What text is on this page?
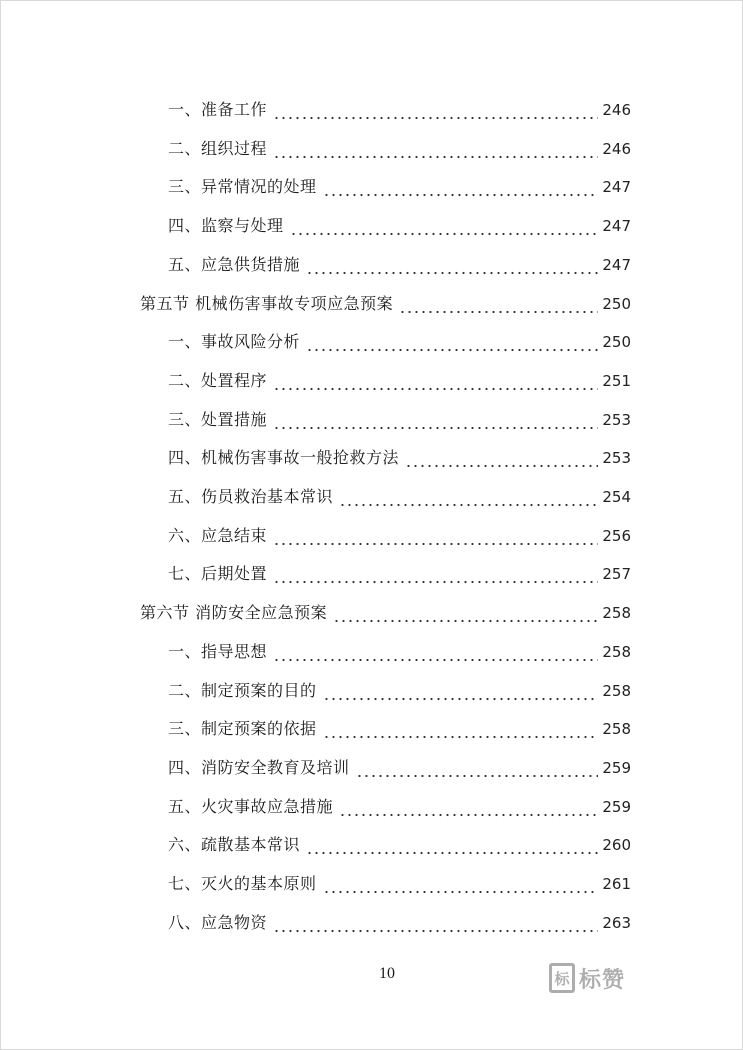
一、准备工作	246
二、组织过程	246
三、异常情况的处理	247
四、监察与处理	247
五、应急供货措施	247
第五节 机械伤害事故专项应急预案	250
一、事故风险分析	250
二、处置程序	251
三、处置措施	253
四、机械伤害事故一般抢救方法	253
五、伤员救治基本常识	254
六、应急结束	256
七、后期处置	257
第六节 消防安全应急预案	258
一、指导思想	258
二、制定预案的目的	258
三、制定预案的依据	258
四、消防安全教育及培训	259
五、火灾事故应急措施	259
六、疏散基本常识	260
七、灭火的基本原则	261
八、应急物资	263
10	标 标赞
